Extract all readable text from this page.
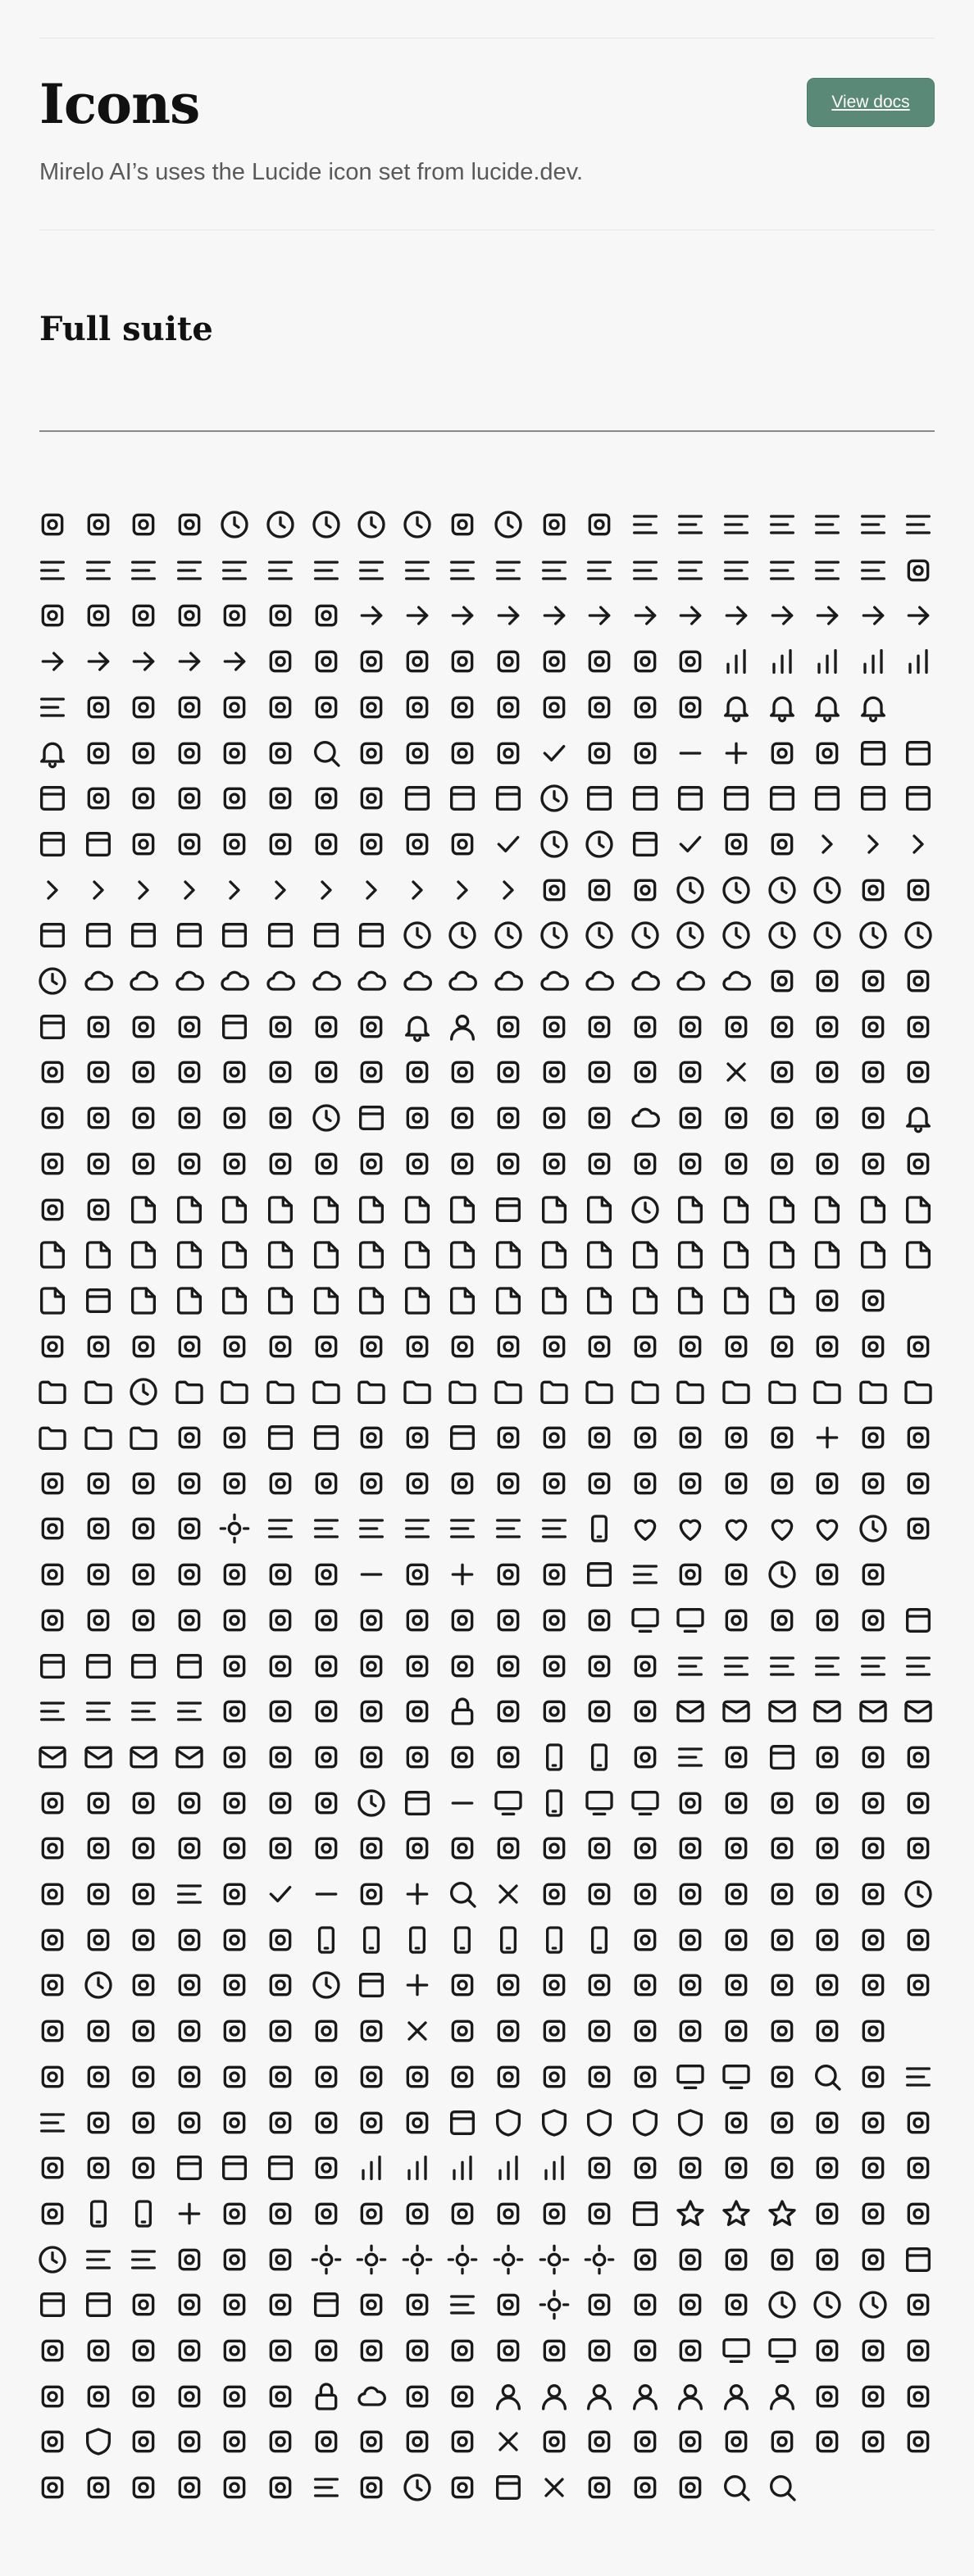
Icons

Mirelo AI’s uses the Lucide icon set from lucide.dev.

View docs
Full suite
